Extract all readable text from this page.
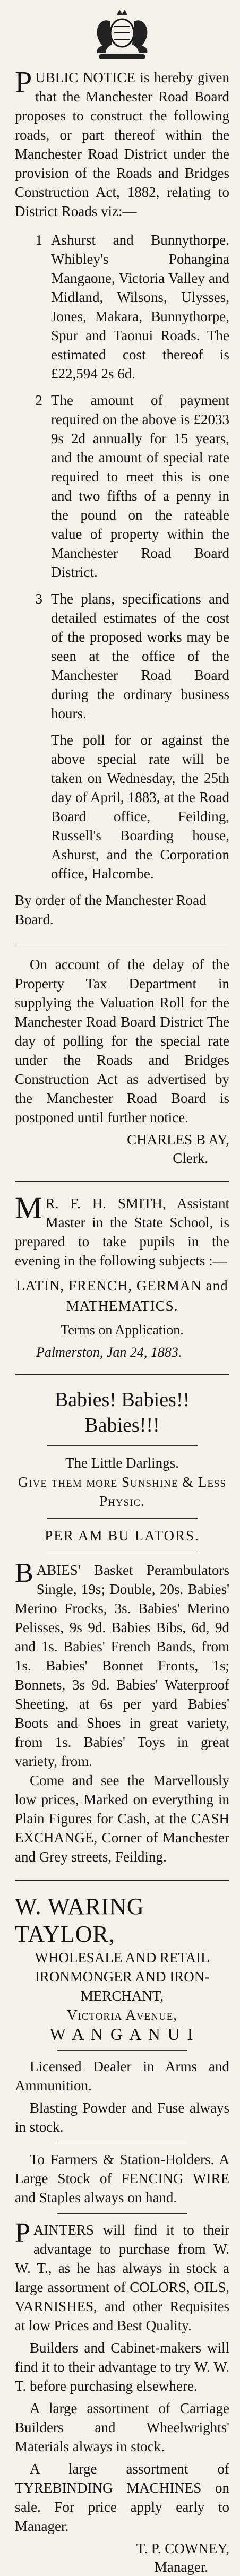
P UBLIC NOTICE is hereby given that the Manchester Road Board proposes to construct the following roads, or part thereof within the Manchester Road District under the provision of the Roads and Bridges Construction Act, 1882, relating to District Roads viz:—

1 Ashurst and Bunnythorpe. Whibley's Pohangina Mangaone, Victoria Valley and Midland, Wilsons, Ulysses, Jones, Makara, Bunnythorpe, Spur and Taonui Roads. The estimated cost thereof is £22,594 2s 6d.
2 The amount of payment required on the above is £2033 9s 2d annually for 15 years, and the amount of special rate required to meet this is one and two fifths of a penny in the pound on the rateable value of property within the Manchester Road Board District.
3 The plans, specifications and detailed estimates of the cost of the proposed works may be seen at the office of the Manchester Road Board during the ordinary business hours.

The poll for or against the above special rate will be taken on Wednesday, the 25th day of April, 1883, at the Road Board office, Feilding, Russell's Boarding house, Ashurst, and the Corporation office, Halcombe.

By order of the Manchester Road Board.

On account of the delay of the Property Tax Department in supplying the Valuation Roll for the Manchester Road Board District The day of polling for the special rate under the Roads and Bridges Construction Act as advertised by the Manchester Road Board is postponed until further notice.

CHARLES B AY,

Clerk.

M R. F. H. SMITH, Assistant Master in the State School, is prepared to take pupils in the evening in the following subjects :—

LATIN, FRENCH, GERMAN and MATHEMATICS.

Terms on Application.

Palmerston, Jan 24, 1883.

Babies! Babies!! Babies!!!

The Little Darlings.

Give them more Sunshine & Less Physic.

PER AM BU LATORS.

B ABIES' Basket Perambulators Single, 19s; Double, 20s. Babies' Merino Frocks, 3s. Babies' Merino Pelisses, 9s 9d. Babies Bibs, 6d, 9d and 1s. Babies' French Bands, from 1s. Babies' Bonnet Fronts, 1s; Bonnets, 3s 9d. Babies' Waterproof Sheeting, at 6s per yard Babies' Boots and Shoes in great variety, from 1s. Babies' Toys in great variety, from.

Come and see the Marvellously low prices, Marked on everything in Plain Figures for Cash, at the CASH EXCHANGE, Corner of Manchester and Grey streets, Feilding.

W. WARING TAYLOR,

WHOLESALE AND RETAIL

IRONMONGER AND IRON-MERCHANT,

Victoria Avenue,

W A N G A N U I

Licensed Dealer in Arms and Ammunition.

Blasting Powder and Fuse always in stock.

To Farmers & Station-Holders. A Large Stock of FENCING WIRE and Staples always on hand.

P AINTERS will find it to their advantage to purchase from W. W. T., as he has always in stock a large assortment of COLORS, OILS, VARNISHES, and other Requisites at low Prices and Best Quality.

Builders and Cabinet-makers will find it to their advantage to try W. W. T. before purchasing elsewhere.

A large assortment of Carriage Builders and Wheelwrights' Materials always in stock.

A large assortment of TYREBINDING MACHINES on sale. For price apply early to Manager.

T. P. COWNEY,

Manager.
